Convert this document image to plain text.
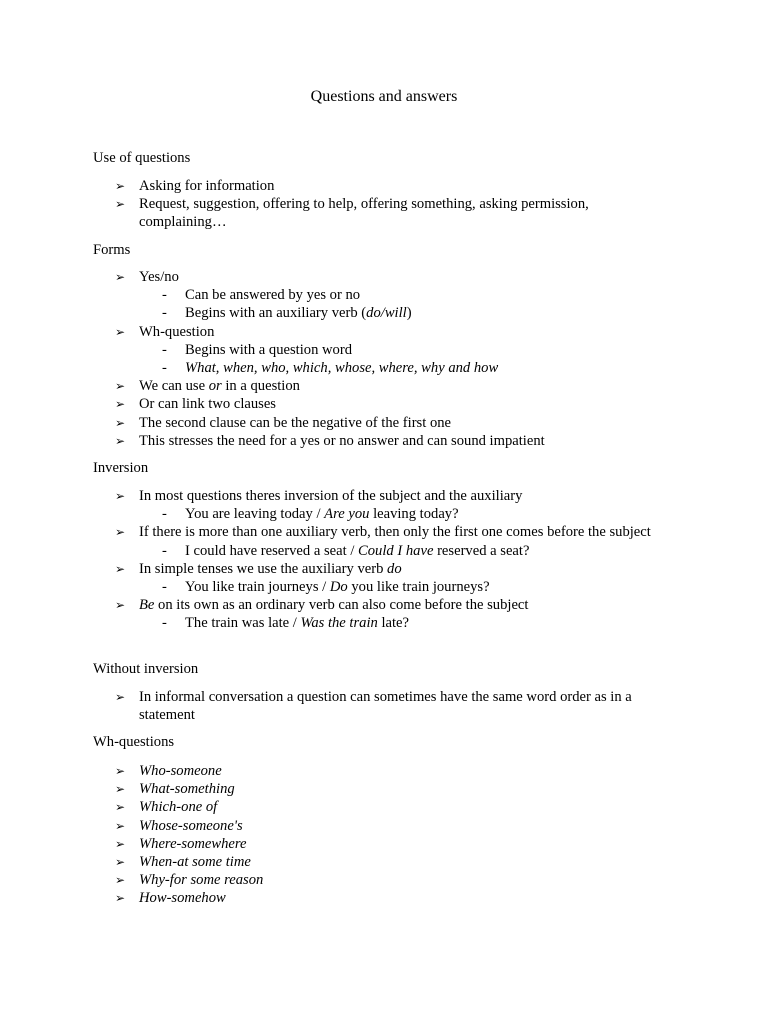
Questions and answers
Use of questions
➢ Asking for information
➢ Request, suggestion, offering to help, offering something, asking permission, complaining…
Forms
➢ Yes/no
- Can be answered by yes or no
- Begins with an auxiliary verb (do/will)
➢ Wh-question
- Begins with a question word
- What, when, who, which, whose, where, why and how
➢ We can use or in a question
➢ Or can link two clauses
➢ The second clause can be the negative of the first one
➢ This stresses the need for a yes or no answer and can sound impatient
Inversion
➢ In most questions theres inversion of the subject and the auxiliary
- You are leaving today / Are you leaving today?
➢ If there is more than one auxiliary verb, then only the first one comes before the subject
- I could have reserved a seat / Could I have reserved a seat?
➢ In simple tenses we use the auxiliary verb do
- You like train journeys / Do you like train journeys?
➢ Be on its own as an ordinary verb can also come before the subject
- The train was late / Was the train late?
Without inversion
➢ In informal conversation a question can sometimes have the same word order as in a statement
Wh-questions
➢ Who-someone
➢ What-something
➢ Which-one of
➢ Whose-someone's
➢ Where-somewhere
➢ When-at some time
➢ Why-for some reason
➢ How-somehow
